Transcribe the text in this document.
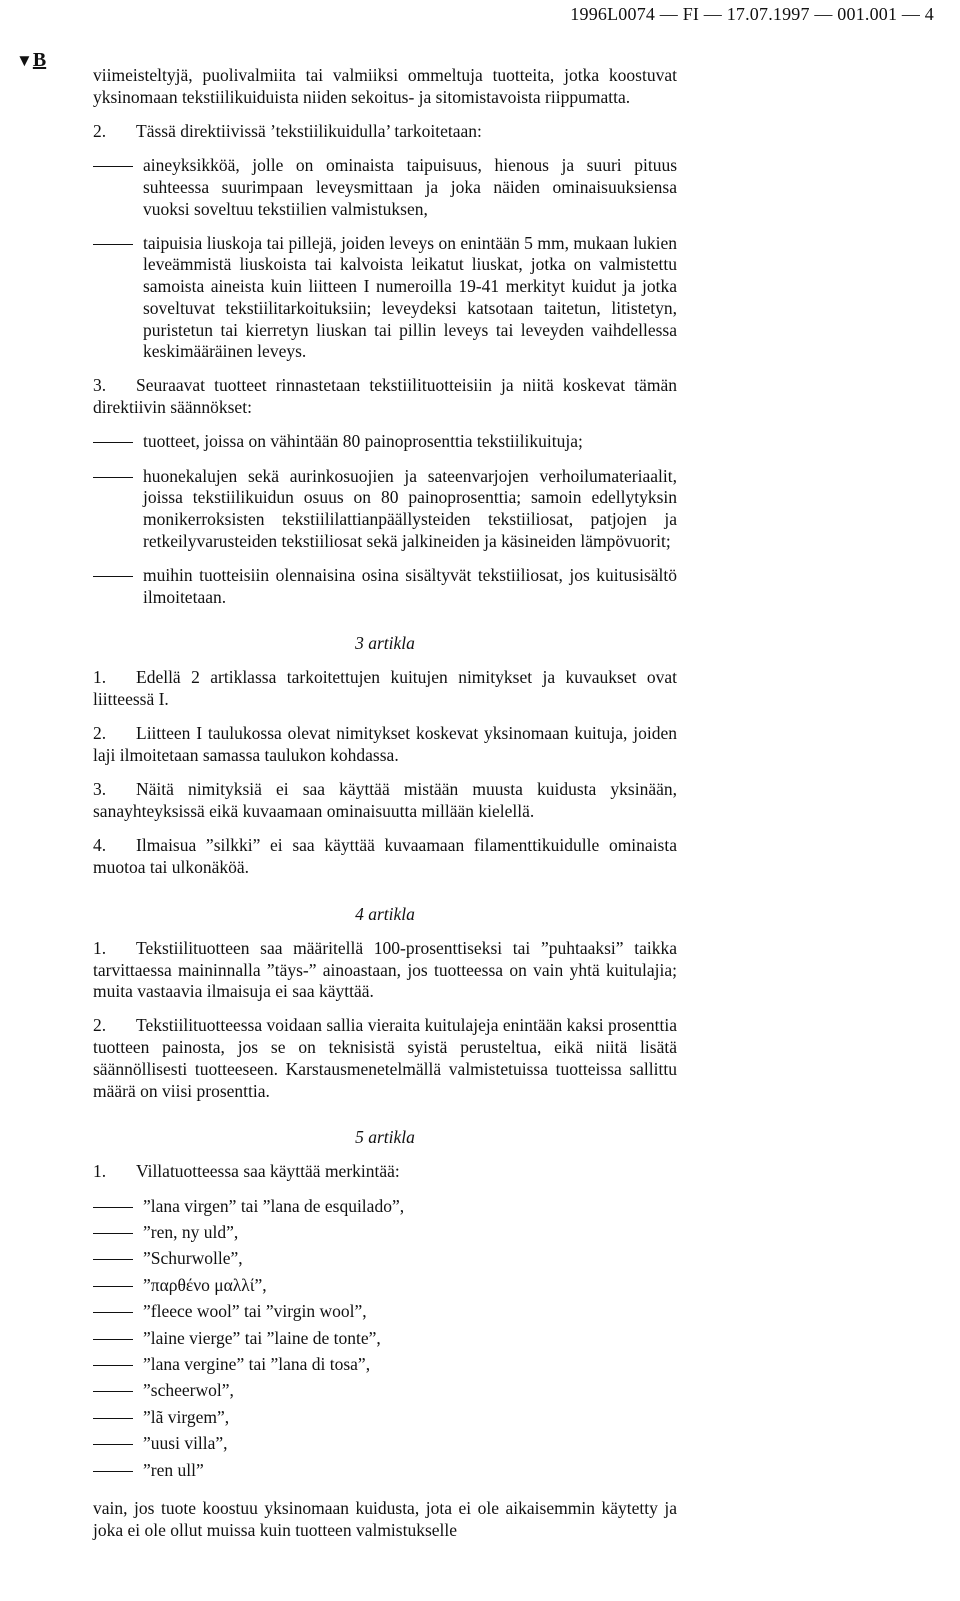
1996L0074 — FI — 17.07.1997 — 001.001 — 4
▼B

viimeisteltyjä, puolivalmiita tai valmiiksi ommeltuja tuotteita, jotka koostuvat yksinomaan tekstiilikuiduista niiden sekoitus- ja sitomistavoista riippumatta.

2. Tässä direktiivissä ’tekstiilikuidulla’ tarkoitetaan:

aineyksikköä, jolle on ominaista taipuisuus, hienous ja suuri pituus suhteessa suurimpaan leveysmittaan ja joka näiden ominaisuuksiensa vuoksi soveltuu tekstiilien valmistuksen,
taipuisia liuskoja tai pillejä, joiden leveys on enintään 5 mm, mukaan lukien leveämmistä liuskoista tai kalvoista leikatut liuskat, jotka on valmistettu samoista aineista kuin liitteen I numeroilla 19-41 merkityt kuidut ja jotka soveltuvat tekstiilitarkoituksiin; leveydeksi katsotaan taitetun, litistetyn, puristetun tai kierretyn liuskan tai pillin leveys tai leveyden vaihdellessa keskimääräinen leveys.

3. Seuraavat tuotteet rinnastetaan tekstiilituotteisiin ja niitä koskevat tämän direktiivin säännökset:

tuotteet, joissa on vähintään 80 painoprosenttia tekstiilikuituja;
huonekalujen sekä aurinkosuojien ja sateenvarjojen verhoilumateriaalit, joissa tekstiilikuidun osuus on 80 painoprosenttia; samoin edellytyksin monikerroksisten tekstiililattianpäällysteiden tekstiiliosat, patjojen ja retkeilyvarusteiden tekstiiliosat sekä jalkineiden ja käsineiden lämpövuorit;
muihin tuotteisiin olennaisina osina sisältyvät tekstiiliosat, jos kuitusisältö ilmoitetaan.
3 artikla

1. Edellä 2 artiklassa tarkoitettujen kuitujen nimitykset ja kuvaukset ovat liitteessä I.

2. Liitteen I taulukossa olevat nimitykset koskevat yksinomaan kuituja, joiden laji ilmoitetaan samassa taulukon kohdassa.

3. Näitä nimityksiä ei saa käyttää mistään muusta kuidusta yksinään, sanayhteyksissä eikä kuvaamaan ominaisuutta millään kielellä.

4. Ilmaisua ”silkki” ei saa käyttää kuvaamaan filamenttikuidulle ominaista muotoa tai ulkonäköä.

4 artikla

1. Tekstiilituotteen saa määritellä 100-prosenttiseksi tai ”puhtaaksi” taikka tarvittaessa maininnalla ”täys-” ainoastaan, jos tuotteessa on vain yhtä kuitulajia; muita vastaavia ilmaisuja ei saa käyttää.

2. Tekstiilituotteessa voidaan sallia vieraita kuitulajeja enintään kaksi prosenttia tuotteen painosta, jos se on teknisistä syistä perusteltua, eikä niitä lisätä säännöllisesti tuotteeseen. Karstausmenetelmällä valmistetuissa tuotteissa sallittu määrä on viisi prosenttia.

5 artikla

1. Villatuotteessa saa käyttää merkintää:

”lana virgen” tai ”lana de esquilado”,
”ren, ny uld”,
”Schurwolle”,
”παρθένο μαλλί”,
”fleece wool” tai ”virgin wool”,
”laine vierge” tai ”laine de tonte”,
”lana vergine” tai ”lana di tosa”,
”scheerwol”,
”lã virgem”,
”uusi villa”,
”ren ull”

vain, jos tuote koostuu yksinomaan kuidusta, jota ei ole aikaisemmin käytetty ja joka ei ole ollut muissa kuin tuotteen valmistukselle
